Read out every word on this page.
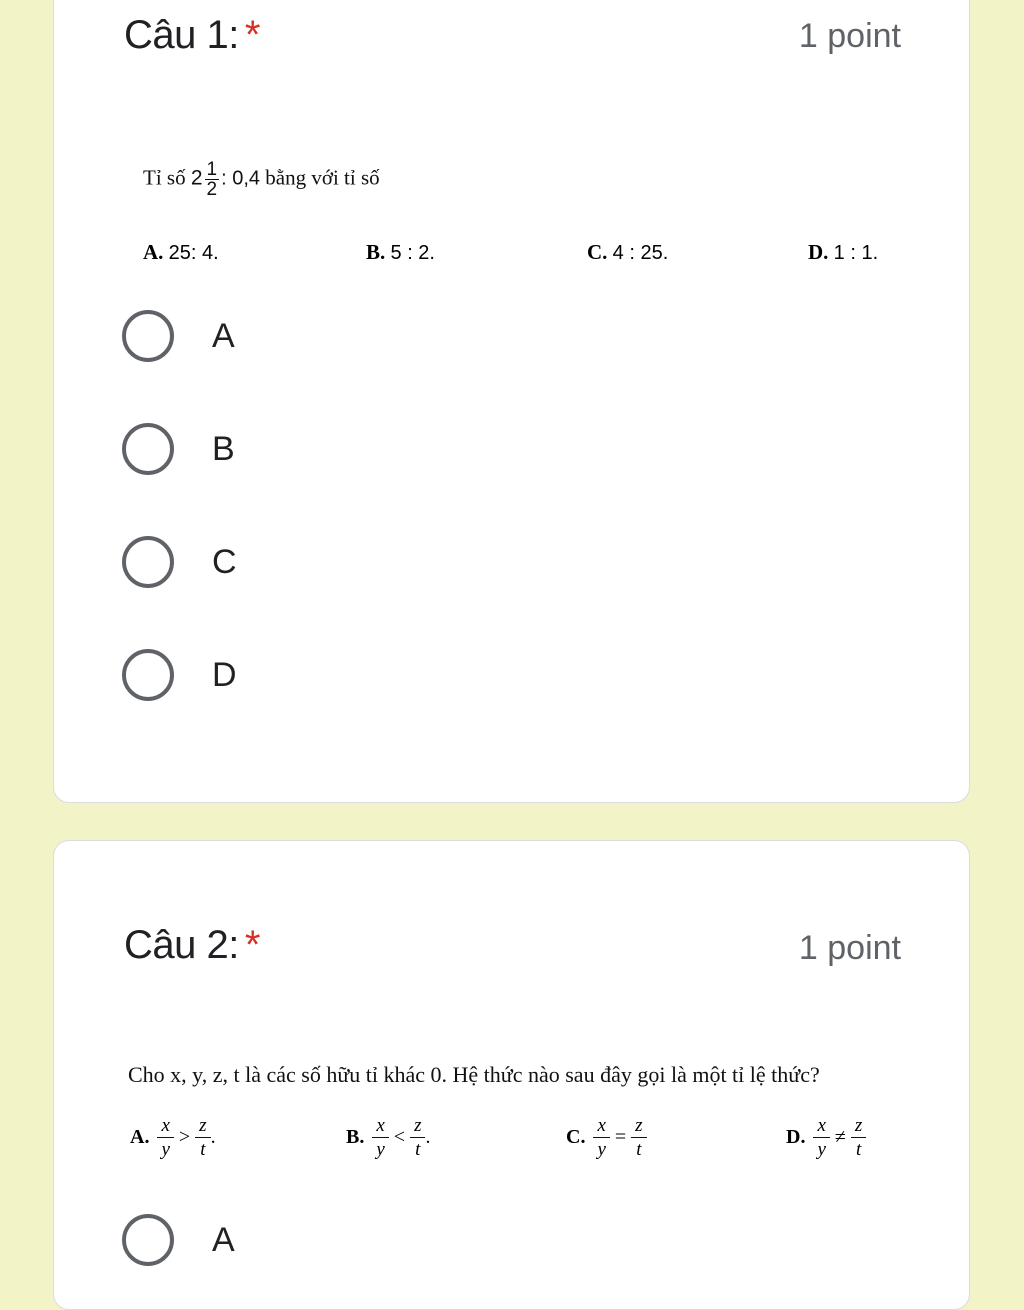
Câu 1: *	1 point
Tỉ số $2 \frac{1}{2}$ : 0,4 bằng với tỉ số
A. 25: 4.	B. 5 : 2.	C. 4 : 25.	D. 1 : 1.
A
B
C
D
Câu 2: *	1 point
Cho x, y, z, t là các số hữu tỉ khác 0. Hệ thức nào sau đây gọi là một tỉ lệ thức?
A. $\frac{x}{y} > \frac{z}{t}$ .	B. $\frac{x}{y} < \frac{z}{t}$ .	C. $\frac{x}{y} = \frac{z}{t}$	D. $\frac{x}{y} \ne \frac{z}{t}$
A
